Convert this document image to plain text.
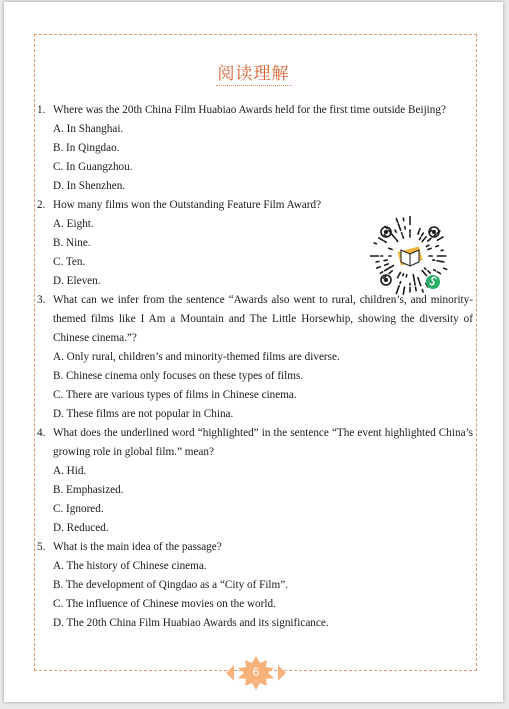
阅读理解
1. Where was the 20th China Film Huabiao Awards held for the first time outside Beijing?
A. In Shanghai.
B. In Qingdao.
C. In Guangzhou.
D. In Shenzhen.
2. How many films won the Outstanding Feature Film Award?
A. Eight.
B. Nine.
C. Ten.
D. Eleven.
3. What can we infer from the sentence “Awards also went to rural, children’s, and minority-themed films like I Am a Mountain and The Little Horsewhip, showing the diversity of Chinese cinema.”?
A. Only rural, children’s and minority-themed films are diverse.
B. Chinese cinema only focuses on these types of films.
C. There are various types of films in Chinese cinema.
D. These films are not popular in China.
4. What does the underlined word “highlighted” in the sentence “The event highlighted China’s growing role in global film.” mean?
A. Hid.
B. Emphasized.
C. Ignored.
D. Reduced.
5. What is the main idea of the passage?
A. The history of Chinese cinema.
B. The development of Qingdao as a “City of Film”.
C. The influence of Chinese movies on the world.
D. The 20th China Film Huabiao Awards and its significance.
6
